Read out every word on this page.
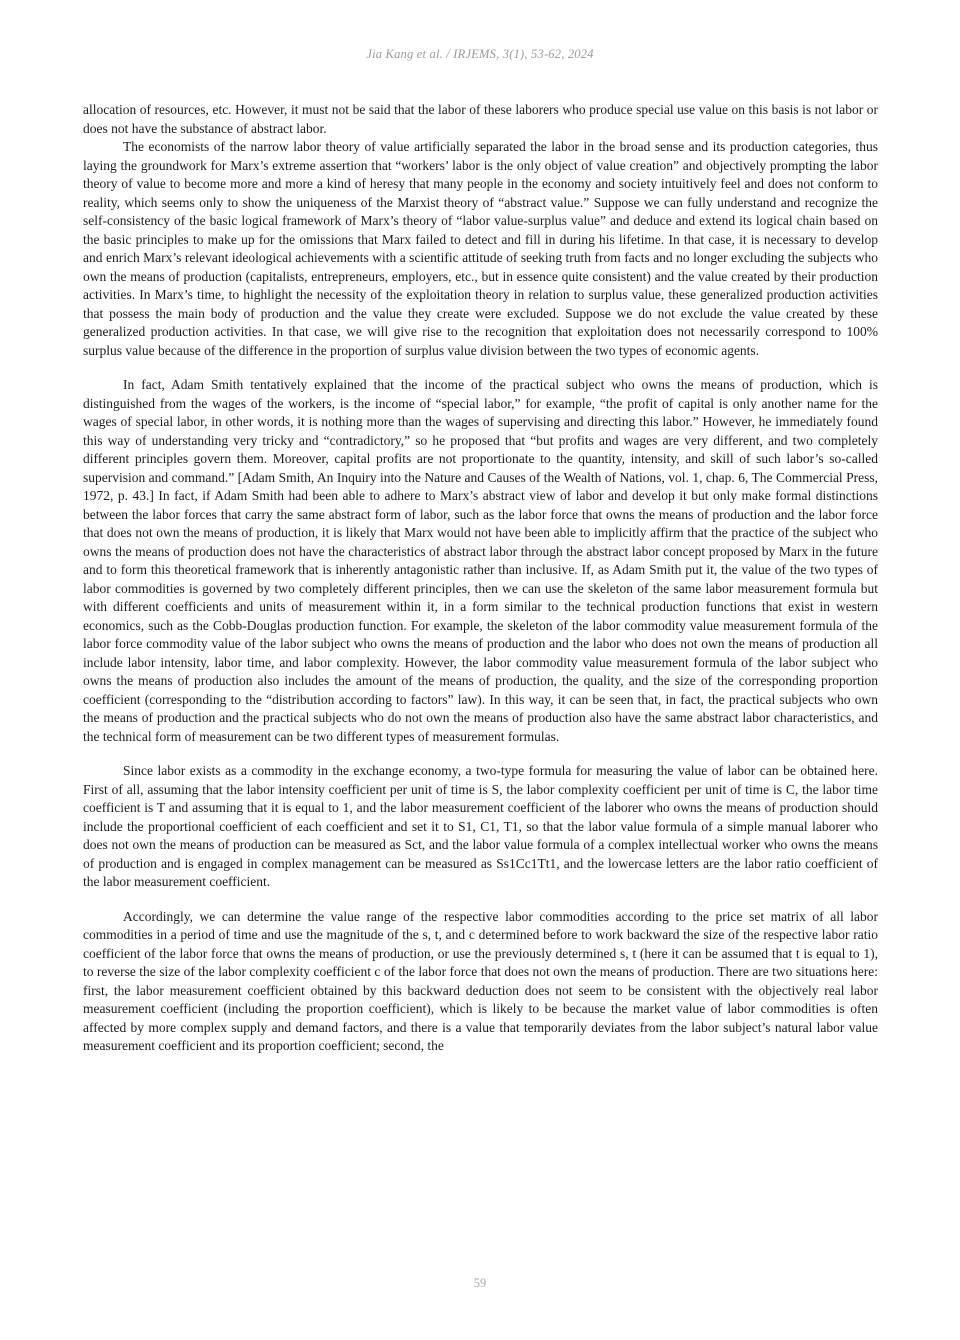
Jia Kang et al. / IRJEMS, 3(1), 53-62, 2024

allocation of resources, etc. However, it must not be said that the labor of these laborers who produce special use value on this basis is not labor or does not have the substance of abstract labor.

The economists of the narrow labor theory of value artificially separated the labor in the broad sense and its production categories, thus laying the groundwork for Marx’s extreme assertion that “workers’ labor is the only object of value creation” and objectively prompting the labor theory of value to become more and more a kind of heresy that many people in the economy and society intuitively feel and does not conform to reality, which seems only to show the uniqueness of the Marxist theory of “abstract value.” Suppose we can fully understand and recognize the self-consistency of the basic logical framework of Marx’s theory of “labor value-surplus value” and deduce and extend its logical chain based on the basic principles to make up for the omissions that Marx failed to detect and fill in during his lifetime. In that case, it is necessary to develop and enrich Marx’s relevant ideological achievements with a scientific attitude of seeking truth from facts and no longer excluding the subjects who own the means of production (capitalists, entrepreneurs, employers, etc., but in essence quite consistent) and the value created by their production activities. In Marx’s time, to highlight the necessity of the exploitation theory in relation to surplus value, these generalized production activities that possess the main body of production and the value they create were excluded. Suppose we do not exclude the value created by these generalized production activities. In that case, we will give rise to the recognition that exploitation does not necessarily correspond to 100% surplus value because of the difference in the proportion of surplus value division between the two types of economic agents.

In fact, Adam Smith tentatively explained that the income of the practical subject who owns the means of production, which is distinguished from the wages of the workers, is the income of “special labor,” for example, “the profit of capital is only another name for the wages of special labor, in other words, it is nothing more than the wages of supervising and directing this labor.” However, he immediately found this way of understanding very tricky and “contradictory,” so he proposed that “but profits and wages are very different, and two completely different principles govern them. Moreover, capital profits are not proportionate to the quantity, intensity, and skill of such labor’s so-called supervision and command.” [Adam Smith, An Inquiry into the Nature and Causes of the Wealth of Nations, vol. 1, chap. 6, The Commercial Press, 1972, p. 43.] In fact, if Adam Smith had been able to adhere to Marx’s abstract view of labor and develop it but only make formal distinctions between the labor forces that carry the same abstract form of labor, such as the labor force that owns the means of production and the labor force that does not own the means of production, it is likely that Marx would not have been able to implicitly affirm that the practice of the subject who owns the means of production does not have the characteristics of abstract labor through the abstract labor concept proposed by Marx in the future and to form this theoretical framework that is inherently antagonistic rather than inclusive. If, as Adam Smith put it, the value of the two types of labor commodities is governed by two completely different principles, then we can use the skeleton of the same labor measurement formula but with different coefficients and units of measurement within it, in a form similar to the technical production functions that exist in western economics, such as the Cobb-Douglas production function. For example, the skeleton of the labor commodity value measurement formula of the labor force commodity value of the labor subject who owns the means of production and the labor who does not own the means of production all include labor intensity, labor time, and labor complexity. However, the labor commodity value measurement formula of the labor subject who owns the means of production also includes the amount of the means of production, the quality, and the size of the corresponding proportion coefficient (corresponding to the “distribution according to factors” law). In this way, it can be seen that, in fact, the practical subjects who own the means of production and the practical subjects who do not own the means of production also have the same abstract labor characteristics, and the technical form of measurement can be two different types of measurement formulas.

Since labor exists as a commodity in the exchange economy, a two-type formula for measuring the value of labor can be obtained here. First of all, assuming that the labor intensity coefficient per unit of time is S, the labor complexity coefficient per unit of time is C, the labor time coefficient is T and assuming that it is equal to 1, and the labor measurement coefficient of the laborer who owns the means of production should include the proportional coefficient of each coefficient and set it to S1, C1, T1, so that the labor value formula of a simple manual laborer who does not own the means of production can be measured as Sct, and the labor value formula of a complex intellectual worker who owns the means of production and is engaged in complex management can be measured as Ss1Cc1Tt1, and the lowercase letters are the labor ratio coefficient of the labor measurement coefficient.

Accordingly, we can determine the value range of the respective labor commodities according to the price set matrix of all labor commodities in a period of time and use the magnitude of the s, t, and c determined before to work backward the size of the respective labor ratio coefficient of the labor force that owns the means of production, or use the previously determined s, t (here it can be assumed that t is equal to 1), to reverse the size of the labor complexity coefficient c of the labor force that does not own the means of production. There are two situations here: first, the labor measurement coefficient obtained by this backward deduction does not seem to be consistent with the objectively real labor measurement coefficient (including the proportion coefficient), which is likely to be because the market value of labor commodities is often affected by more complex supply and demand factors, and there is a value that temporarily deviates from the labor subject’s natural labor value measurement coefficient and its proportion coefficient; second, the

59
